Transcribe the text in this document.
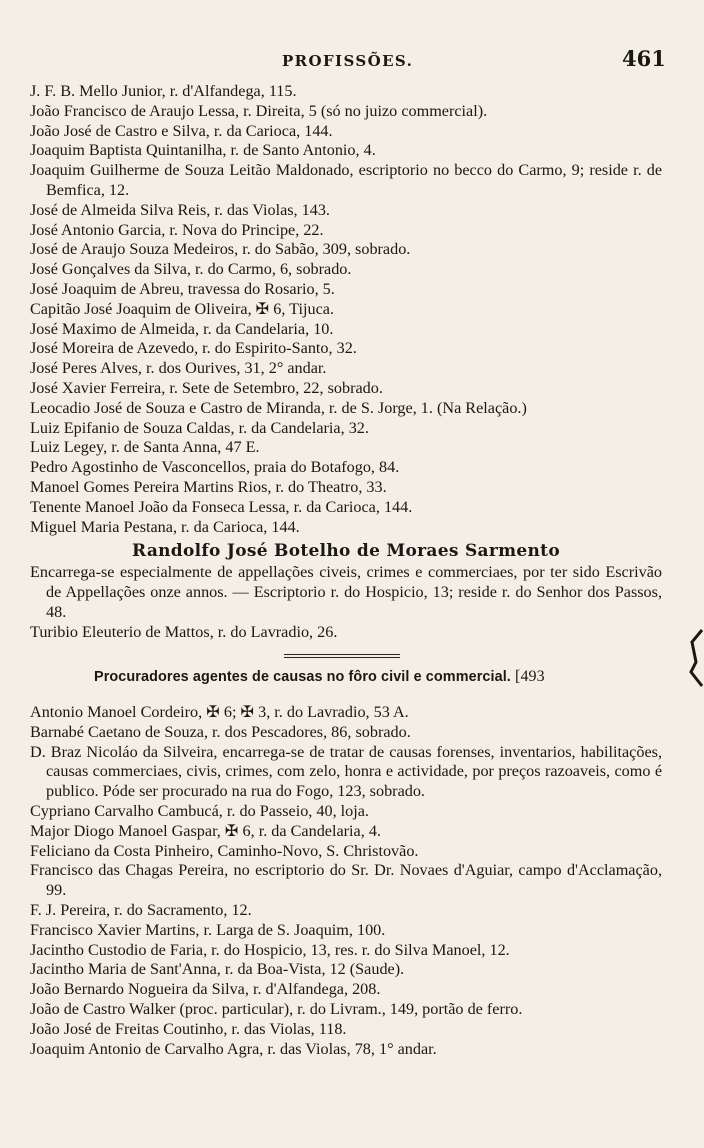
PROFISSÕES.	461
J. F. B. Mello Junior, r. d'Alfandega, 115.
João Francisco de Araujo Lessa, r. Direita, 5 (só no juizo commercial).
João José de Castro e Silva, r. da Carioca, 144.
Joaquim Baptista Quintanilha, r. de Santo Antonio, 4.
Joaquim Guilherme de Souza Leitão Maldonado, escriptorio no becco do Carmo, 9; reside r. de Bemfica, 12.
José de Almeida Silva Reis, r. das Violas, 143.
José Antonio Garcia, r. Nova do Principe, 22.
José de Araujo Souza Medeiros, r. do Sabão, 309, sobrado.
José Gonçalves da Silva, r. do Carmo, 6, sobrado.
José Joaquim de Abreu, travessa do Rosario, 5.
Capitão José Joaquim de Oliveira, ✠ 6, Tijuca.
José Maximo de Almeida, r. da Candelaria, 10.
José Moreira de Azevedo, r. do Espirito-Santo, 32.
José Peres Alves, r. dos Ourives, 31, 2° andar.
José Xavier Ferreira, r. Sete de Setembro, 22, sobrado.
Leocadio José de Souza e Castro de Miranda, r. de S. Jorge, 1. (Na Relação.)
Luiz Epifanio de Souza Caldas, r. da Candelaria, 32.
Luiz Legey, r. de Santa Anna, 47 E.
Pedro Agostinho de Vasconcellos, praia do Botafogo, 84.
Manoel Gomes Pereira Martins Rios, r. do Theatro, 33.
Tenente Manoel João da Fonseca Lessa, r. da Carioca, 144.
Miguel Maria Pestana, r. da Carioca, 144.
Randolfo José Botelho de Moraes Sarmento
Encarrega-se especialmente de appellações civeis, crimes e commerciaes, por ter sido Escrivão de Appellações onze annos. — Escriptorio r. do Hospicio, 13; reside r. do Senhor dos Passos, 48.
Turibio Eleuterio de Mattos, r. do Lavradio, 26.
Procuradores agentes de causas no fôro civil e commercial. [493
Antonio Manoel Cordeiro, ✠ 6; ✠ 3, r. do Lavradio, 53 A.
Barnabé Caetano de Souza, r. dos Pescadores, 86, sobrado.
D. Braz Nicoláo da Silveira, encarrega-se de tratar de causas forenses, inventarios, habilitações, causas commerciaes, civis, crimes, com zelo, honra e actividade, por preços razoaveis, como é publico. Póde ser procurado na rua do Fogo, 123, sobrado.
Cypriano Carvalho Cambucá, r. do Passeio, 40, loja.
Major Diogo Manoel Gaspar, ✠ 6, r. da Candelaria, 4.
Feliciano da Costa Pinheiro, Caminho-Novo, S. Christovão.
Francisco das Chagas Pereira, no escriptorio do Sr. Dr. Novaes d'Aguiar, campo d'Acclamação, 99.
F. J. Pereira, r. do Sacramento, 12.
Francisco Xavier Martins, r. Larga de S. Joaquim, 100.
Jacintho Custodio de Faria, r. do Hospicio, 13, res. r. do Silva Manoel, 12.
Jacintho Maria de Sant'Anna, r. da Boa-Vista, 12 (Saude).
João Bernardo Nogueira da Silva, r. d'Alfandega, 208.
João de Castro Walker (proc. particular), r. do Livram., 149, portão de ferro.
João José de Freitas Coutinho, r. das Violas, 118.
Joaquim Antonio de Carvalho Agra, r. das Violas, 78, 1° andar.
